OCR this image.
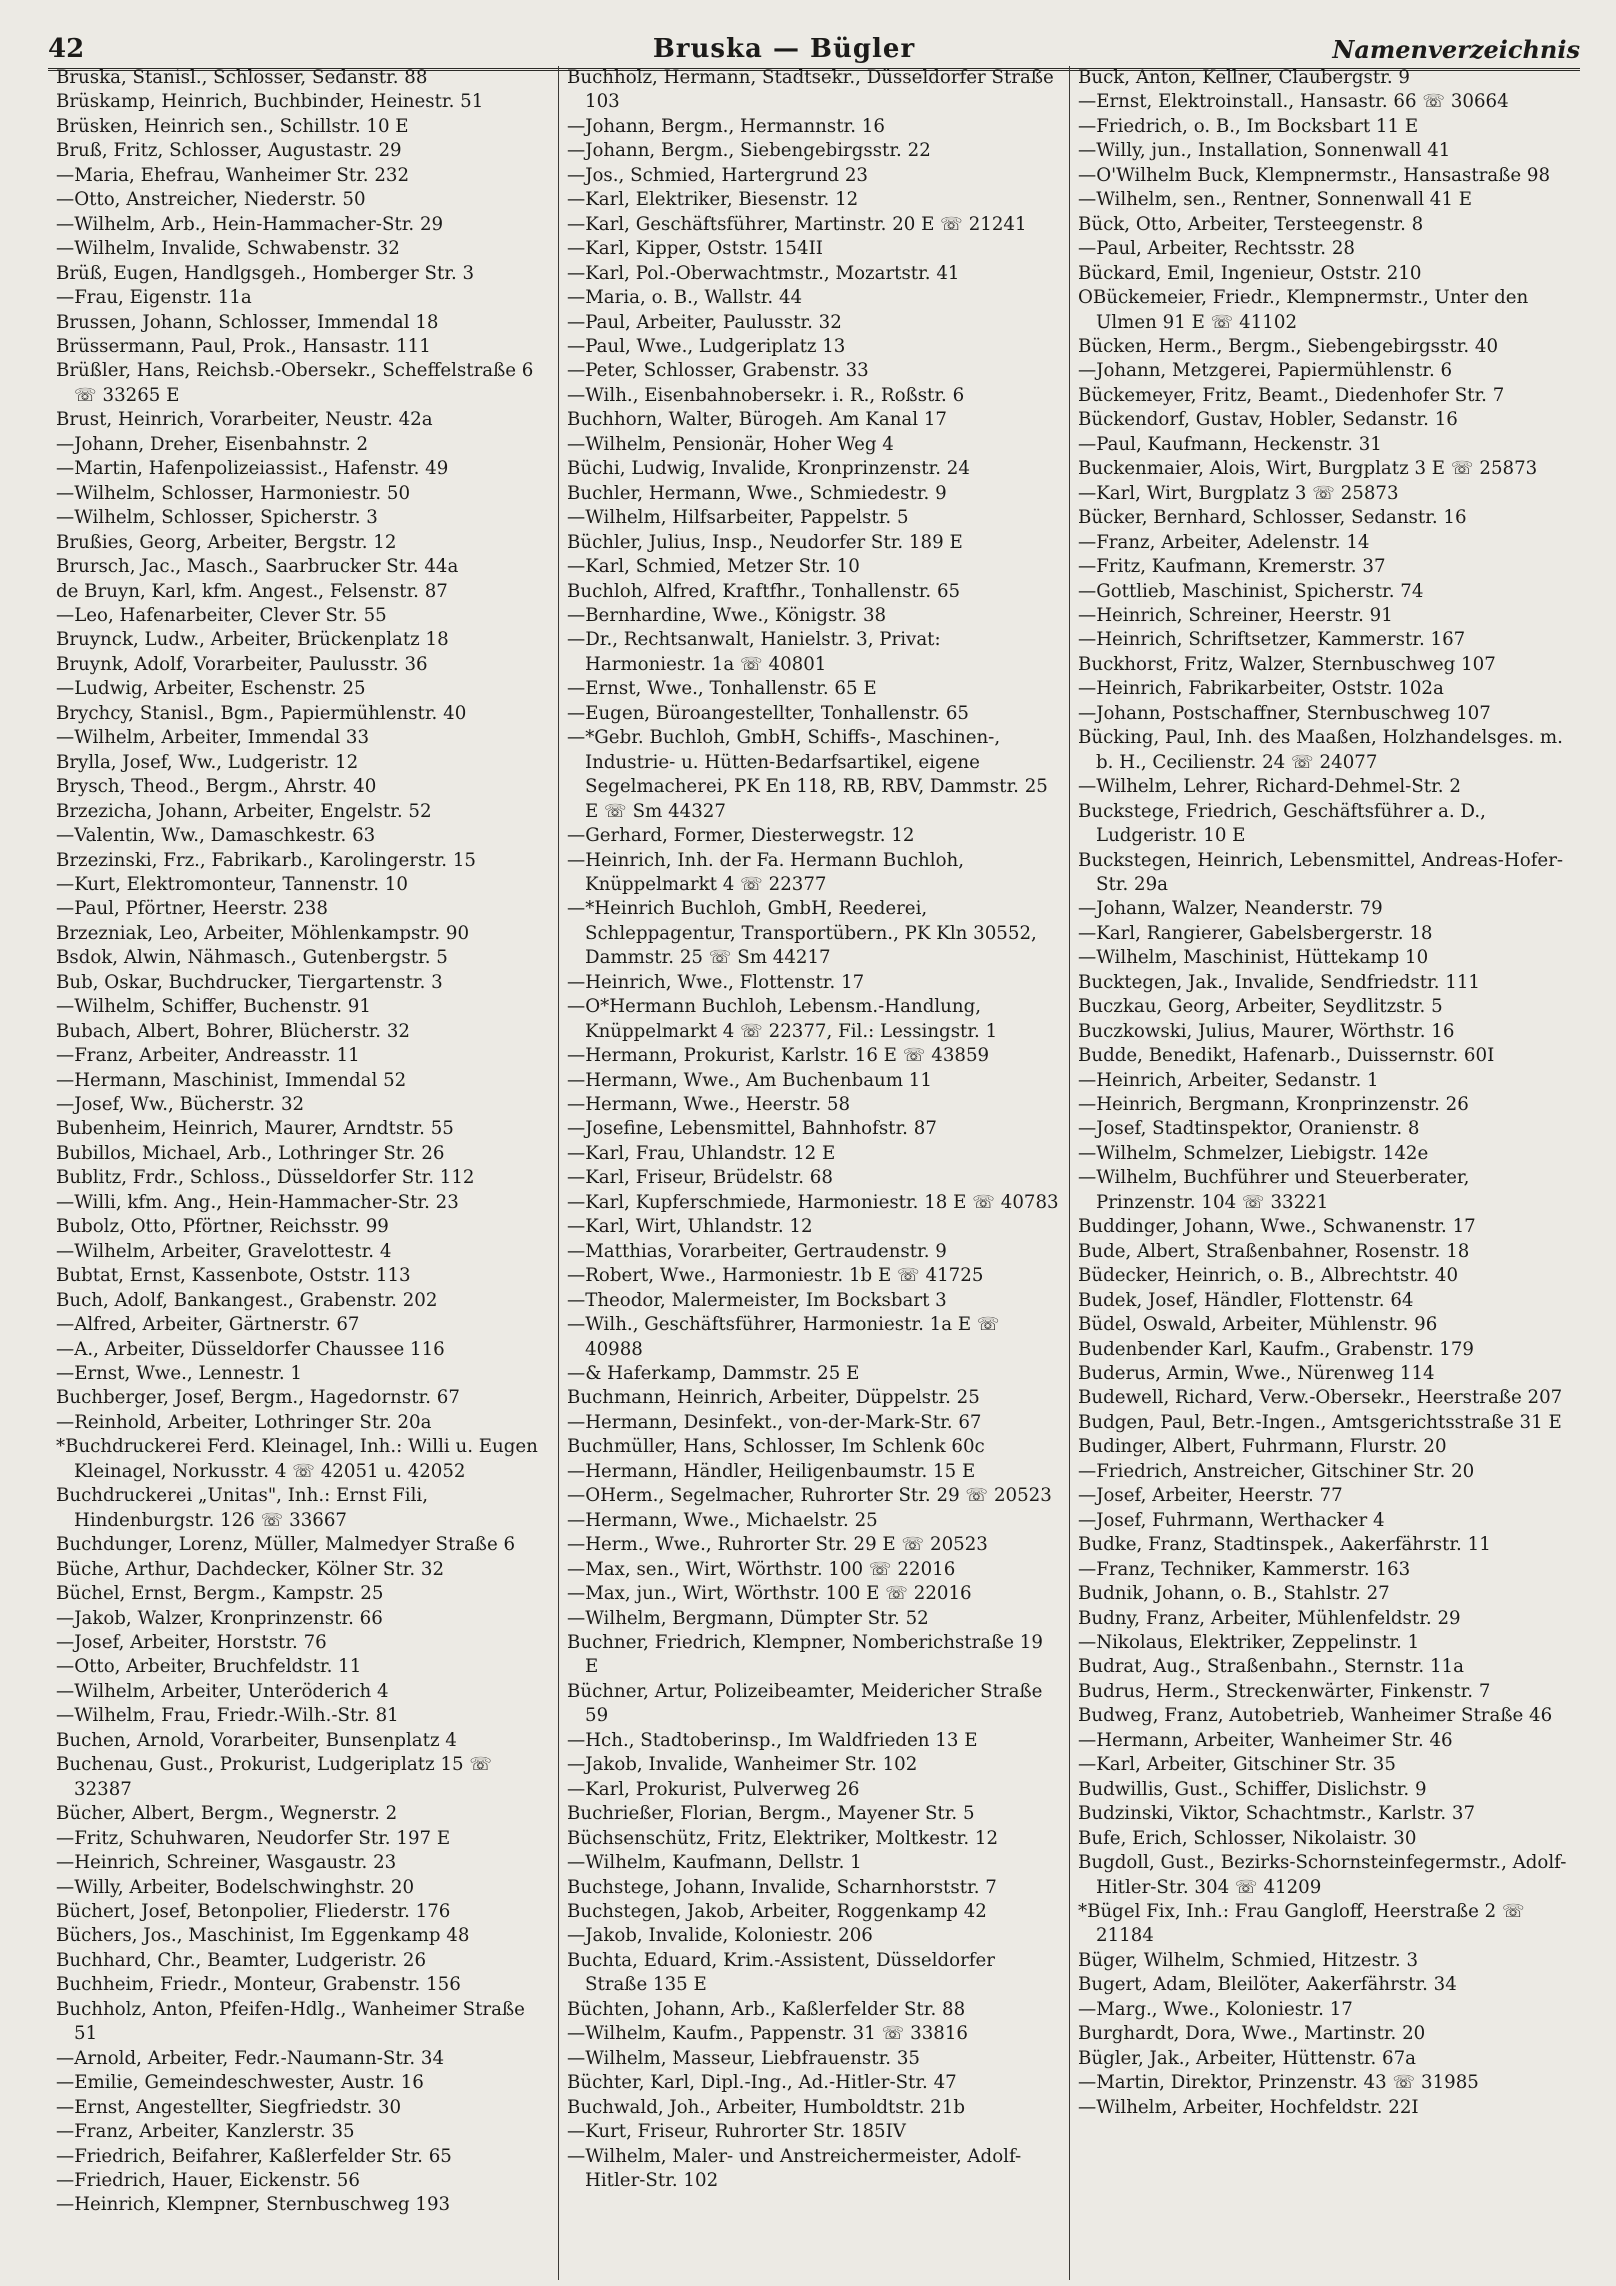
42	Bruska — Bügler	Namenverzeichnis
Bruska, Stanisl., Schlosser, Sedanstr. 88
Brüskamp, Heinrich, Buchbinder, Heinestr. 51
Brüsken, Heinrich sen., Schillstr. 10 E
Bruß, Fritz, Schlosser, Augustastr. 29
—Maria, Ehefrau, Wanheimer Str. 232
—Otto, Anstreicher, Niederstr. 50
—Wilhelm, Arb., Hein-Hammacher-Str. 29
—Wilhelm, Invalide, Schwabenstr. 32
Brüß, Eugen, Handlgsgeh., Homberger Str. 3
—Frau, Eigenstr. 11a
Brussen, Johann, Schlosser, Immendal 18
Brüssermann, Paul, Prok., Hansastr. 111
Brüßler, Hans, Reichsb.-Obersekr., Scheffelstraße 6 ☏ 33265 E
Brust, Heinrich, Vorarbeiter, Neustr. 42a
—Johann, Dreher, Eisenbahnstr. 2
—Martin, Hafenpolizeiassist., Hafenstr. 49
—Wilhelm, Schlosser, Harmoniestr. 50
—Wilhelm, Schlosser, Spicherstr. 3
Brußies, Georg, Arbeiter, Bergstr. 12
Brursch, Jac., Masch., Saarbrucker Str. 44a
de Bruyn, Karl, kfm. Angest., Felsenstr. 87
—Leo, Hafenarbeiter, Clever Str. 55
Bruynck, Ludw., Arbeiter, Brückenplatz 18
Bruynk, Adolf, Vorarbeiter, Paulusstr. 36
—Ludwig, Arbeiter, Eschenstr. 25
Brychcy, Stanisl., Bgm., Papiermühlenstr. 40
—Wilhelm, Arbeiter, Immendal 33
Brylla, Josef, Ww., Ludgeristr. 12
Brysch, Theod., Bergm., Ahrstr. 40
Brzezicha, Johann, Arbeiter, Engelstr. 52
—Valentin, Ww., Damaschkestr. 63
Brzezinski, Frz., Fabrikarb., Karolingerstr. 15
—Kurt, Elektromonteur, Tannenstr. 10
—Paul, Pförtner, Heerstr. 238
Brzezniak, Leo, Arbeiter, Möhlenkampstr. 90
Bsdok, Alwin, Nähmasch., Gutenbergstr. 5
Bub, Oskar, Buchdrucker, Tiergartenstr. 3
—Wilhelm, Schiffer, Buchenstr. 91
Bubach, Albert, Bohrer, Blücherstr. 32
—Franz, Arbeiter, Andreasstr. 11
—Hermann, Maschinist, Immendal 52
—Josef, Ww., Bücherstr. 32
Bubenheim, Heinrich, Maurer, Arndtstr. 55
Bubillos, Michael, Arb., Lothringer Str. 26
Bublitz, Frdr., Schloss., Düsseldorfer Str. 112
—Willi, kfm. Ang., Hein-Hammacher-Str. 23
Bubolz, Otto, Pförtner, Reichsstr. 99
—Wilhelm, Arbeiter, Gravelottestr. 4
Bubtat, Ernst, Kassenbote, Oststr. 113
Buch, Adolf, Bankangest., Grabenstr. 202
—Alfred, Arbeiter, Gärtnerstr. 67
—A., Arbeiter, Düsseldorfer Chaussee 116
—Ernst, Wwe., Lennestr. 1
Buchberger, Josef, Bergm., Hagedornstr. 67
—Reinhold, Arbeiter, Lothringer Str. 20a
*Buchdruckerei Ferd. Kleinagel, Inh.: Willi u. Eugen Kleinagel, Norkusstr. 4 ☏ 42051 u. 42052
Buchdruckerei „Unitas", Inh.: Ernst Fili, Hindenburgstr. 126 ☏ 33667
Buchdunger, Lorenz, Müller, Malmedyer Straße 6
Büche, Arthur, Dachdecker, Kölner Str. 32
Büchel, Ernst, Bergm., Kampstr. 25
—Jakob, Walzer, Kronprinzenstr. 66
—Josef, Arbeiter, Horststr. 76
—Otto, Arbeiter, Bruchfeldstr. 11
—Wilhelm, Arbeiter, Unteröderich 4
—Wilhelm, Frau, Friedr.-Wilh.-Str. 81
Buchen, Arnold, Vorarbeiter, Bunsenplatz 4
Buchenau, Gust., Prokurist, Ludgeriplatz 15 ☏ 32387
Bücher, Albert, Bergm., Wegnerstr. 2
—Fritz, Schuhwaren, Neudorfer Str. 197 E
—Heinrich, Schreiner, Wasgaustr. 23
—Willy, Arbeiter, Bodelschwinghstr. 20
Büchert, Josef, Betonpolier, Fliederstr. 176
Büchers, Jos., Maschinist, Im Eggenkamp 48
Buchhard, Chr., Beamter, Ludgeristr. 26
Buchheim, Friedr., Monteur, Grabenstr. 156
Buchholz, Anton, Pfeifen-Hdlg., Wanheimer Straße 51
—Arnold, Arbeiter, Fedr.-Naumann-Str. 34
—Emilie, Gemeindeschwester, Austr. 16
—Ernst, Angestellter, Siegfriedstr. 30
—Franz, Arbeiter, Kanzlerstr. 35
—Friedrich, Beifahrer, Kaßlerfelder Str. 65
—Friedrich, Hauer, Eickenstr. 56
—Heinrich, Klempner, Sternbuschweg 193
Buchholz, Hermann, Stadtsekr., Düsseldorfer Straße 103
—Johann, Bergm., Hermannstr. 16
—Johann, Bergm., Siebengebirgsstr. 22
—Jos., Schmied, Hartergrund 23
—Karl, Elektriker, Biesenstr. 12
—Karl, Geschäftsführer, Martinstr. 20 E ☏ 21241
—Karl, Kipper, Oststr. 154II
—Karl, Pol.-Oberwachtmstr., Mozartstr. 41
—Maria, o. B., Wallstr. 44
—Paul, Arbeiter, Paulusstr. 32
—Paul, Wwe., Ludgeriplatz 13
—Peter, Schlosser, Grabenstr. 33
—Wilh., Eisenbahnobersekr. i. R., Roßstr. 6
Buchhorn, Walter, Bürogeh. Am Kanal 17
—Wilhelm, Pensionär, Hoher Weg 4
Büchi, Ludwig, Invalide, Kronprinzenstr. 24
Buchler, Hermann, Wwe., Schmiedestr. 9
—Wilhelm, Hilfsarbeiter, Pappelstr. 5
Büchler, Julius, Insp., Neudorfer Str. 189 E
—Karl, Schmied, Metzer Str. 10
Buchloh, Alfred, Kraftfhr., Tonhallenstr. 65
—Bernhardine, Wwe., Königstr. 38
—Dr., Rechtsanwalt, Hanielstr. 3, Privat: Harmoniestr. 1a ☏ 40801
—Ernst, Wwe., Tonhallenstr. 65 E
—Eugen, Büroangestellter, Tonhallenstr. 65
—*Gebr. Buchloh, GmbH, Schiffs-, Maschinen-, Industrie- u. Hütten-Bedarfsartikel, eigene Segelmacherei, PK En 118, RB, RBV, Dammstr. 25 E ☏ Sm 44327
—Gerhard, Former, Diesterwegstr. 12
—Heinrich, Inh. der Fa. Hermann Buchloh, Knüppelmarkt 4 ☏ 22377
—*Heinrich Buchloh, GmbH, Reederei, Schleppagentur, Transportübern., PK Kln 30552, Dammstr. 25 ☏ Sm 44217
—Heinrich, Wwe., Flottenstr. 17
—O*Hermann Buchloh, Lebensm.-Handlung, Knüppelmarkt 4 ☏ 22377, Fil.: Lessingstr. 1
—Hermann, Prokurist, Karlstr. 16 E ☏ 43859
—Hermann, Wwe., Am Buchenbaum 11
—Hermann, Wwe., Heerstr. 58
—Josefine, Lebensmittel, Bahnhofstr. 87
—Karl, Frau, Uhlandstr. 12 E
—Karl, Friseur, Brüdelstr. 68
—Karl, Kupferschmiede, Harmoniestr. 18 E ☏ 40783
—Karl, Wirt, Uhlandstr. 12
—Matthias, Vorarbeiter, Gertraudenstr. 9
—Robert, Wwe., Harmoniestr. 1b E ☏ 41725
—Theodor, Malermeister, Im Bocksbart 3
—Wilh., Geschäftsführer, Harmoniestr. 1a E ☏ 40988
—& Haferkamp, Dammstr. 25 E
Buchmann, Heinrich, Arbeiter, Düppelstr. 25
—Hermann, Desinfekt., von-der-Mark-Str. 67
Buchmüller, Hans, Schlosser, Im Schlenk 60c
—Hermann, Händler, Heiligenbaumstr. 15 E
—OHerm., Segelmacher, Ruhrorter Str. 29 ☏ 20523
—Hermann, Wwe., Michaelstr. 25
—Herm., Wwe., Ruhrorter Str. 29 E ☏ 20523
—Max, sen., Wirt, Wörthstr. 100 ☏ 22016
—Max, jun., Wirt, Wörthstr. 100 E ☏ 22016
—Wilhelm, Bergmann, Dümpter Str. 52
Buchner, Friedrich, Klempner, Nomberichstraße 19 E
Büchner, Artur, Polizeibeamter, Meidericher Straße 59
—Hch., Stadtoberinsp., Im Waldfrieden 13 E
—Jakob, Invalide, Wanheimer Str. 102
—Karl, Prokurist, Pulverweg 26
Buchrießer, Florian, Bergm., Mayener Str. 5
Büchsenschütz, Fritz, Elektriker, Moltkestr. 12
—Wilhelm, Kaufmann, Dellstr. 1
Buchstege, Johann, Invalide, Scharnhorststr. 7
Buchstegen, Jakob, Arbeiter, Roggenkamp 42
—Jakob, Invalide, Koloniestr. 206
Buchta, Eduard, Krim.-Assistent, Düsseldorfer Straße 135 E
Büchten, Johann, Arb., Kaßlerfelder Str. 88
—Wilhelm, Kaufm., Pappenstr. 31 ☏ 33816
—Wilhelm, Masseur, Liebfrauenstr. 35
Büchter, Karl, Dipl.-Ing., Ad.-Hitler-Str. 47
Buchwald, Joh., Arbeiter, Humboldtstr. 21b
—Kurt, Friseur, Ruhrorter Str. 185IV
—Wilhelm, Maler- und Anstreichermeister, Adolf-Hitler-Str. 102
Buck, Anton, Kellner, Claubergstr. 9
—Ernst, Elektroinstall., Hansastr. 66 ☏ 30664
—Friedrich, o. B., Im Bocksbart 11 E
—Willy, jun., Installation, Sonnenwall 41
—O'Wilhelm Buck, Klempnermstr., Hansastraße 98
—Wilhelm, sen., Rentner, Sonnenwall 41 E
Bück, Otto, Arbeiter, Tersteegenstr. 8
—Paul, Arbeiter, Rechtsstr. 28
Bückard, Emil, Ingenieur, Oststr. 210
OBückemeier, Friedr., Klempnermstr., Unter den Ulmen 91 E ☏ 41102
Bücken, Herm., Bergm., Siebengebirgsstr. 40
—Johann, Metzgerei, Papiermühlenstr. 6
Bückemeyer, Fritz, Beamt., Diedenhofer Str. 7
Bückendorf, Gustav, Hobler, Sedanstr. 16
—Paul, Kaufmann, Heckenstr. 31
Buckenmaier, Alois, Wirt, Burgplatz 3 E ☏ 25873
—Karl, Wirt, Burgplatz 3 ☏ 25873
Bücker, Bernhard, Schlosser, Sedanstr. 16
—Franz, Arbeiter, Adelenstr. 14
—Fritz, Kaufmann, Kremerstr. 37
—Gottlieb, Maschinist, Spicherstr. 74
—Heinrich, Schreiner, Heerstr. 91
—Heinrich, Schriftsetzer, Kammerstr. 167
Buckhorst, Fritz, Walzer, Sternbuschweg 107
—Heinrich, Fabrikarbeiter, Oststr. 102a
—Johann, Postschaffner, Sternbuschweg 107
Bücking, Paul, Inh. des Maaßen, Holzhandelsges. m. b. H., Cecilienstr. 24 ☏ 24077
—Wilhelm, Lehrer, Richard-Dehmel-Str. 2
Buckstege, Friedrich, Geschäftsführer a. D., Ludgeristr. 10 E
Buckstegen, Heinrich, Lebensmittel, Andreas-Hofer-Str. 29a
—Johann, Walzer, Neanderstr. 79
—Karl, Rangierer, Gabelsbergerstr. 18
—Wilhelm, Maschinist, Hüttekamp 10
Bucktegen, Jak., Invalide, Sendfriedstr. 111
Buczkau, Georg, Arbeiter, Seydlitzstr. 5
Buczkowski, Julius, Maurer, Wörthstr. 16
Budde, Benedikt, Hafenarb., Duissernstr. 60I
—Heinrich, Arbeiter, Sedanstr. 1
—Heinrich, Bergmann, Kronprinzenstr. 26
—Josef, Stadtinspektor, Oranienstr. 8
—Wilhelm, Schmelzer, Liebigstr. 142e
—Wilhelm, Buchführer und Steuerberater, Prinzenstr. 104 ☏ 33221
Buddinger, Johann, Wwe., Schwanenstr. 17
Bude, Albert, Straßenbahner, Rosenstr. 18
Büdecker, Heinrich, o. B., Albrechtstr. 40
Budek, Josef, Händler, Flottenstr. 64
Büdel, Oswald, Arbeiter, Mühlenstr. 96
Budenbender Karl, Kaufm., Grabenstr. 179
Buderus, Armin, Wwe., Nürenweg 114
Budewell, Richard, Verw.-Obersekr., Heerstraße 207
Budgen, Paul, Betr.-Ingen., Amtsgerichtsstraße 31 E
Budinger, Albert, Fuhrmann, Flurstr. 20
—Friedrich, Anstreicher, Gitschiner Str. 20
—Josef, Arbeiter, Heerstr. 77
—Josef, Fuhrmann, Werthacker 4
Budke, Franz, Stadtinspek., Aakerfährstr. 11
—Franz, Techniker, Kammerstr. 163
Budnik, Johann, o. B., Stahlstr. 27
Budny, Franz, Arbeiter, Mühlenfeldstr. 29
—Nikolaus, Elektriker, Zeppelinstr. 1
Budrat, Aug., Straßenbahn., Sternstr. 11a
Budrus, Herm., Streckenwärter, Finkenstr. 7
Budweg, Franz, Autobetrieb, Wanheimer Straße 46
—Hermann, Arbeiter, Wanheimer Str. 46
—Karl, Arbeiter, Gitschiner Str. 35
Budwillis, Gust., Schiffer, Dislichstr. 9
Budzinski, Viktor, Schachtmstr., Karlstr. 37
Bufe, Erich, Schlosser, Nikolaistr. 30
Bugdoll, Gust., Bezirks-Schornsteinfegermstr., Adolf-Hitler-Str. 304 ☏ 41209
*Bügel Fix, Inh.: Frau Gangloff, Heerstraße 2 ☏ 21184
Büger, Wilhelm, Schmied, Hitzestr. 3
Bugert, Adam, Bleilöter, Aakerfährstr. 34
—Marg., Wwe., Koloniestr. 17
Burghardt, Dora, Wwe., Martinstr. 20
Bügler, Jak., Arbeiter, Hüttenstr. 67a
—Martin, Direktor, Prinzenstr. 43 ☏ 31985
—Wilhelm, Arbeiter, Hochfeldstr. 22I
